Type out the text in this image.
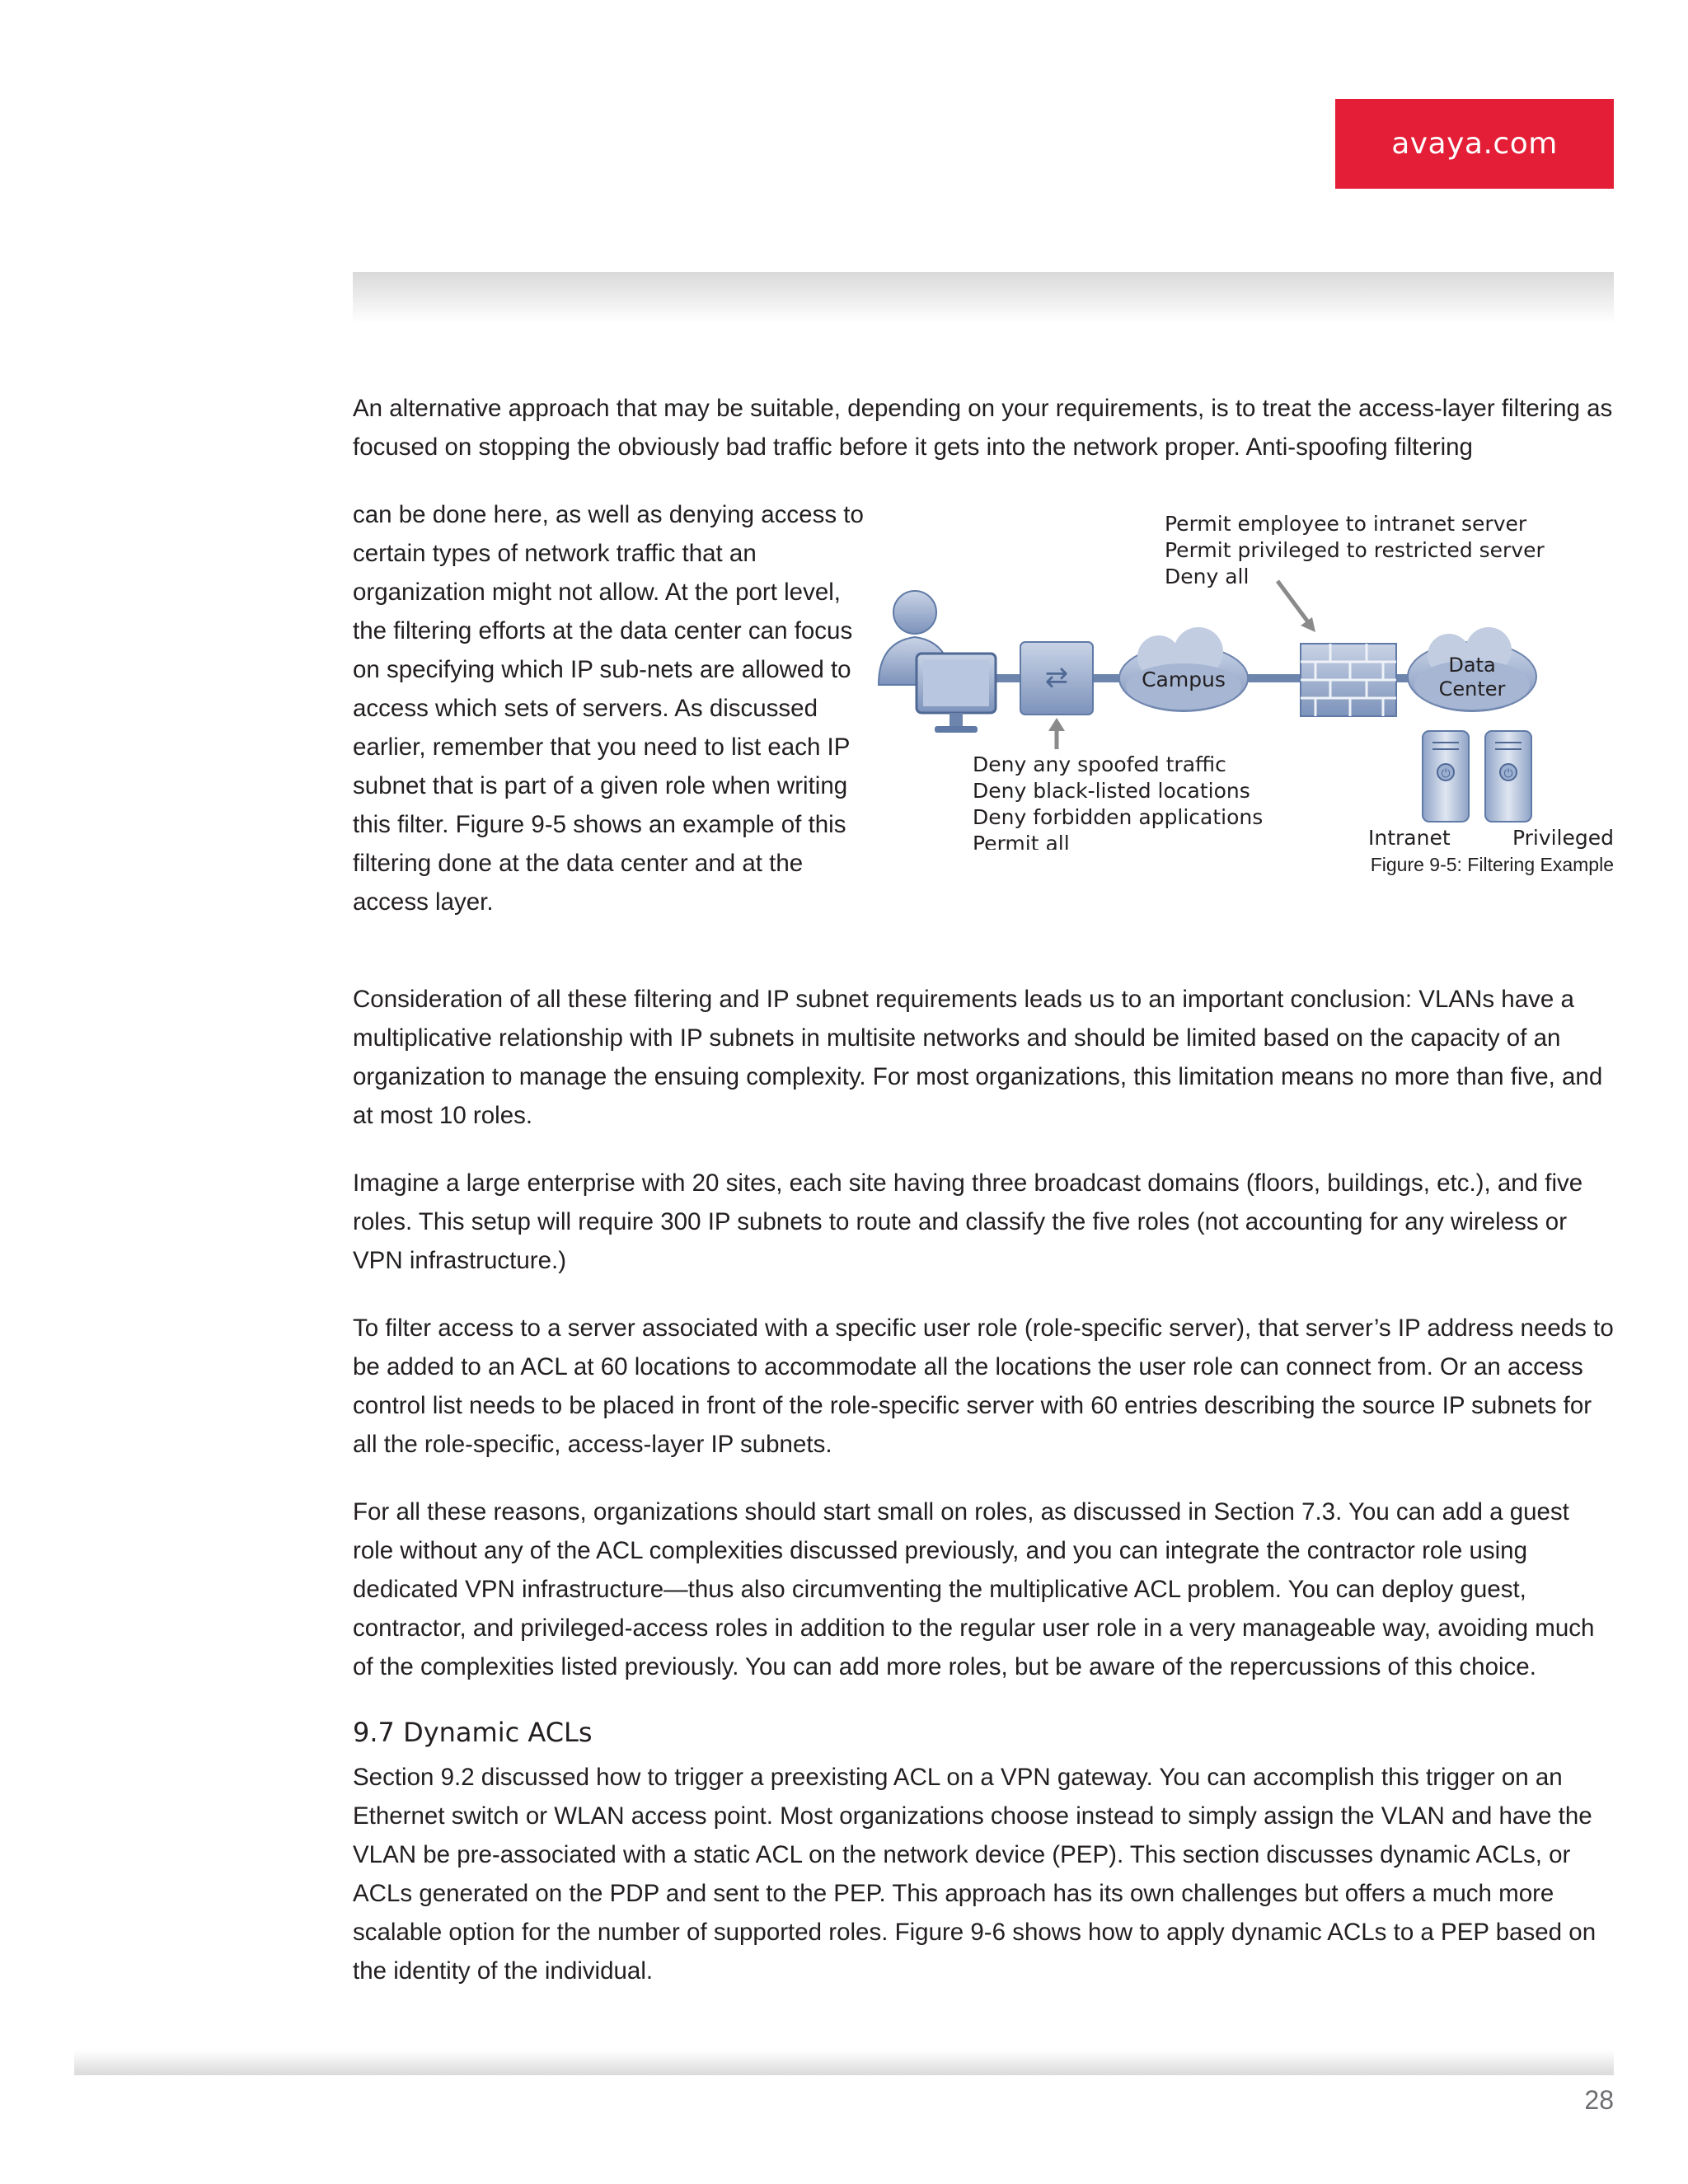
avaya.com

An alternative approach that may be suitable, depending on your requirements, is to treat the access-layer filtering as focused on stopping the obviously bad traffic before it gets into the network proper. Anti-spoofing filtering

can be done here, as well as denying access to certain types of network traffic that an organization might not allow. At the port level, the filtering efforts at the data center can focus on specifying which IP sub-nets are allowed to access which sets of servers. As discussed earlier, remember that you need to list each IP subnet that is part of a given role when writing this filter. Figure 9-5 shows an example of this filtering done at the data center and at the access layer.

Permit employee to intranet server
Permit privileged to restricted server
Deny all
⇄	Campus
Data
Center
⏻	⏻
Intranet	Privileged
Deny any spoofed traffic
Deny black-listed locations
Deny forbidden applications
Permit all
Figure 9-5: Filtering Example

Consideration of all these filtering and IP subnet requirements leads us to an important conclusion: VLANs have a multiplicative relationship with IP subnets in multisite networks and should be limited based on the capacity of an organization to manage the ensuing complexity. For most organizations, this limitation means no more than five, and at most 10 roles.

Imagine a large enterprise with 20 sites, each site having three broadcast domains (floors, buildings, etc.), and five roles. This setup will require 300 IP subnets to route and classify the five roles (not accounting for any wireless or VPN infrastructure.)

To filter access to a server associated with a specific user role (role-specific server), that server’s IP address needs to be added to an ACL at 60 locations to accommodate all the locations the user role can connect from. Or an access control list needs to be placed in front of the role-specific server with 60 entries describing the source IP subnets for all the role-specific, access-layer IP subnets.

For all these reasons, organizations should start small on roles, as discussed in Section 7.3. You can add a guest role without any of the ACL complexities discussed previously, and you can integrate the contractor role using dedicated VPN infrastructure—thus also circumventing the multiplicative ACL problem. You can deploy guest, contractor, and privileged-access roles in addition to the regular user role in a very manageable way, avoiding much of the complexities listed previously. You can add more roles, but be aware of the repercussions of this choice.

9.7 Dynamic ACLs

Section 9.2 discussed how to trigger a preexisting ACL on a VPN gateway. You can accomplish this trigger on an Ethernet switch or WLAN access point. Most organizations choose instead to simply assign the VLAN and have the VLAN be pre-associated with a static ACL on the network device (PEP). This section discusses dynamic ACLs, or ACLs generated on the PDP and sent to the PEP. This approach has its own challenges but offers a much more scalable option for the number of supported roles. Figure 9-6 shows how to apply dynamic ACLs to a PEP based on the identity of the individual.

28
